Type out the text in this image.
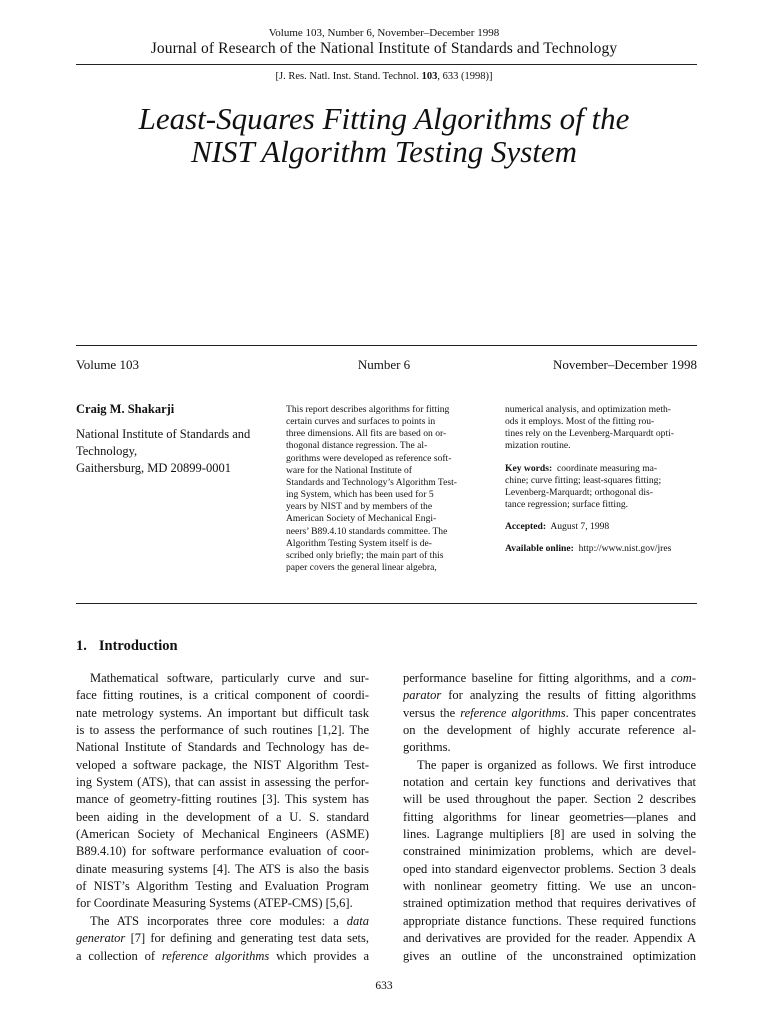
Volume 103, Number 6, November–December 1998
Journal of Research of the National Institute of Standards and Technology
[J. Res. Natl. Inst. Stand. Technol. 103, 633 (1998)]
Least-Squares Fitting Algorithms of the
NIST Algorithm Testing System
Volume 103	Number 6	November–December 1998
Craig M. Shakarji
National Institute of Standards and
Technology,
Gaithersburg, MD 20899-0001
This report describes algorithms for fitting
certain curves and surfaces to points in
three dimensions. All fits are based on or-
thogonal distance regression. The al-
gorithms were developed as reference soft-
ware for the National Institute of
Standards and Technology’s Algorithm Test-
ing System, which has been used for 5
years by NIST and by members of the
American Society of Mechanical Engi-
neers’ B89.4.10 standards committee. The
Algorithm Testing System itself is de-
scribed only briefly; the main part of this
paper covers the general linear algebra,
numerical analysis, and optimization meth-
ods it employs. Most of the fitting rou-
tines rely on the Levenberg-Marquardt opti-
mization routine.
Key words: coordinate measuring ma-
chine; curve fitting; least-squares fitting;
Levenberg-Marquardt; orthogonal dis-
tance regression; surface fitting.
Accepted: August 7, 1998
Available online: http://www.nist.gov/jres
1. Introduction
Mathematical software, particularly curve and sur-
face fitting routines, is a critical component of coordi-
nate metrology systems. An important but difficult task
is to assess the performance of such routines [1,2]. The
National Institute of Standards and Technology has de-
veloped a software package, the NIST Algorithm Test-
ing System (ATS), that can assist in assessing the perfor-
mance of geometry-fitting routines [3]. This system has
been aiding in the development of a U. S. standard
(American Society of Mechanical Engineers (ASME)
B89.4.10) for software performance evaluation of coor-
dinate measuring systems [4]. The ATS is also the basis
of NIST’s Algorithm Testing and Evaluation Program
for Coordinate Measuring Systems (ATEP-CMS) [5,6].
The ATS incorporates three core modules: a data
generator [7] for defining and generating test data sets,
a collection of reference algorithms which provides a
performance baseline for fitting algorithms, and a com-
parator for analyzing the results of fitting algorithms
versus the reference algorithms. This paper concentrates
on the development of highly accurate reference al-
gorithms.
The paper is organized as follows. We first introduce
notation and certain key functions and derivatives that
will be used throughout the paper. Section 2 describes
fitting algorithms for linear geometries—planes and
lines. Lagrange multipliers [8] are used in solving the
constrained minimization problems, which are devel-
oped into standard eigenvector problems. Section 3 deals
with nonlinear geometry fitting. We use an uncon-
strained optimization method that requires derivatives of
appropriate distance functions. These required functions
and derivatives are provided for the reader. Appendix A
gives an outline of the unconstrained optimization
633
